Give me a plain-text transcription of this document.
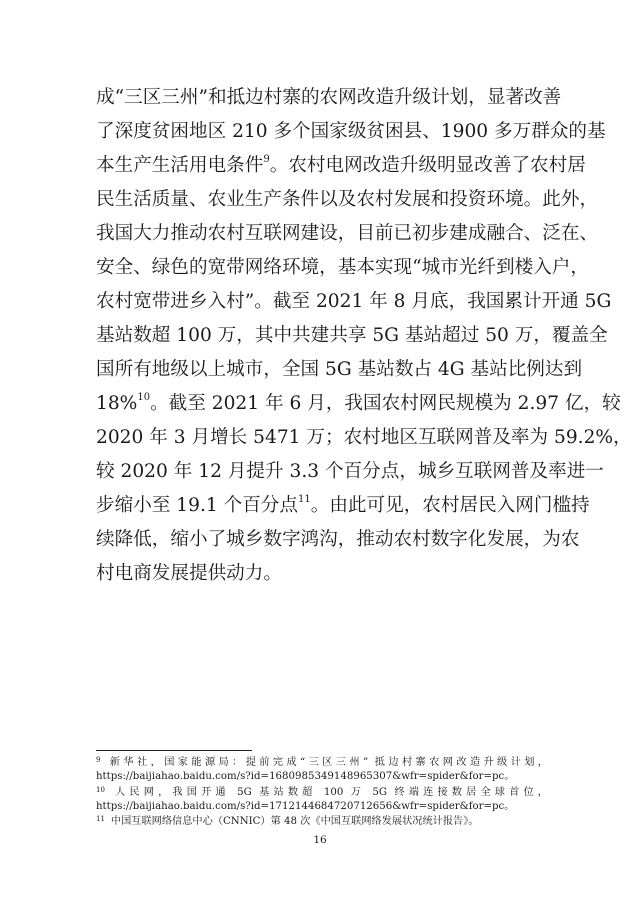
成“三区三州”和抵边村寨的农网改造升级计划，显著改善
了深度贫困地区 210 多个国家级贫困县、1900 多万群众的基
本生产生活用电条件$^9$。农村电网改造升级明显改善了农村居
民生活质量、农业生产条件以及农村发展和投资环境。此外，
我国大力推动农村互联网建设，目前已初步建成融合、泛在、
安全、绿色的宽带网络环境，基本实现“城市光纤到楼入户，
农村宽带进乡入村”。截至 2021 年 8 月底，我国累计开通 5G
基站数超 100 万，其中共建共享 5G 基站超过 50 万，覆盖全
国所有地级以上城市，全国 5G 基站数占 4G 基站比例达到
18%$^{10}$。截至 2021 年 6 月，我国农村网民规模为 2.97 亿，较
2020 年 3 月增长 5471 万；农村地区互联网普及率为 59.2%，
较 2020 年 12 月提升 3.3 个百分点，城乡互联网普及率进一
步缩小至 19.1 个百分点$^{11}$。由此可见，农村居民入网门槛持
续降低，缩小了城乡数字鸿沟，推动农村数字化发展，为农
村电商发展提供动力。
$^9$ 新华社，国家能源局：提前完成“三区三州” 抵边村寨农网改造升级计划，
https://baijiahao.baidu.com/s?id=1680985349148965307&wfr=spider&for=pc。
$^{10}$ 人民网，我国开通 5G 基站数超 100 万 5G 终端连接数居全球首位，
https://baijiahao.baidu.com/s?id=1712144684720712656&wfr=spider&for=pc。
$^{11}$ 中国互联网络信息中心（CNNIC）第 48 次《中国互联网络发展状况统计报告》。
16
